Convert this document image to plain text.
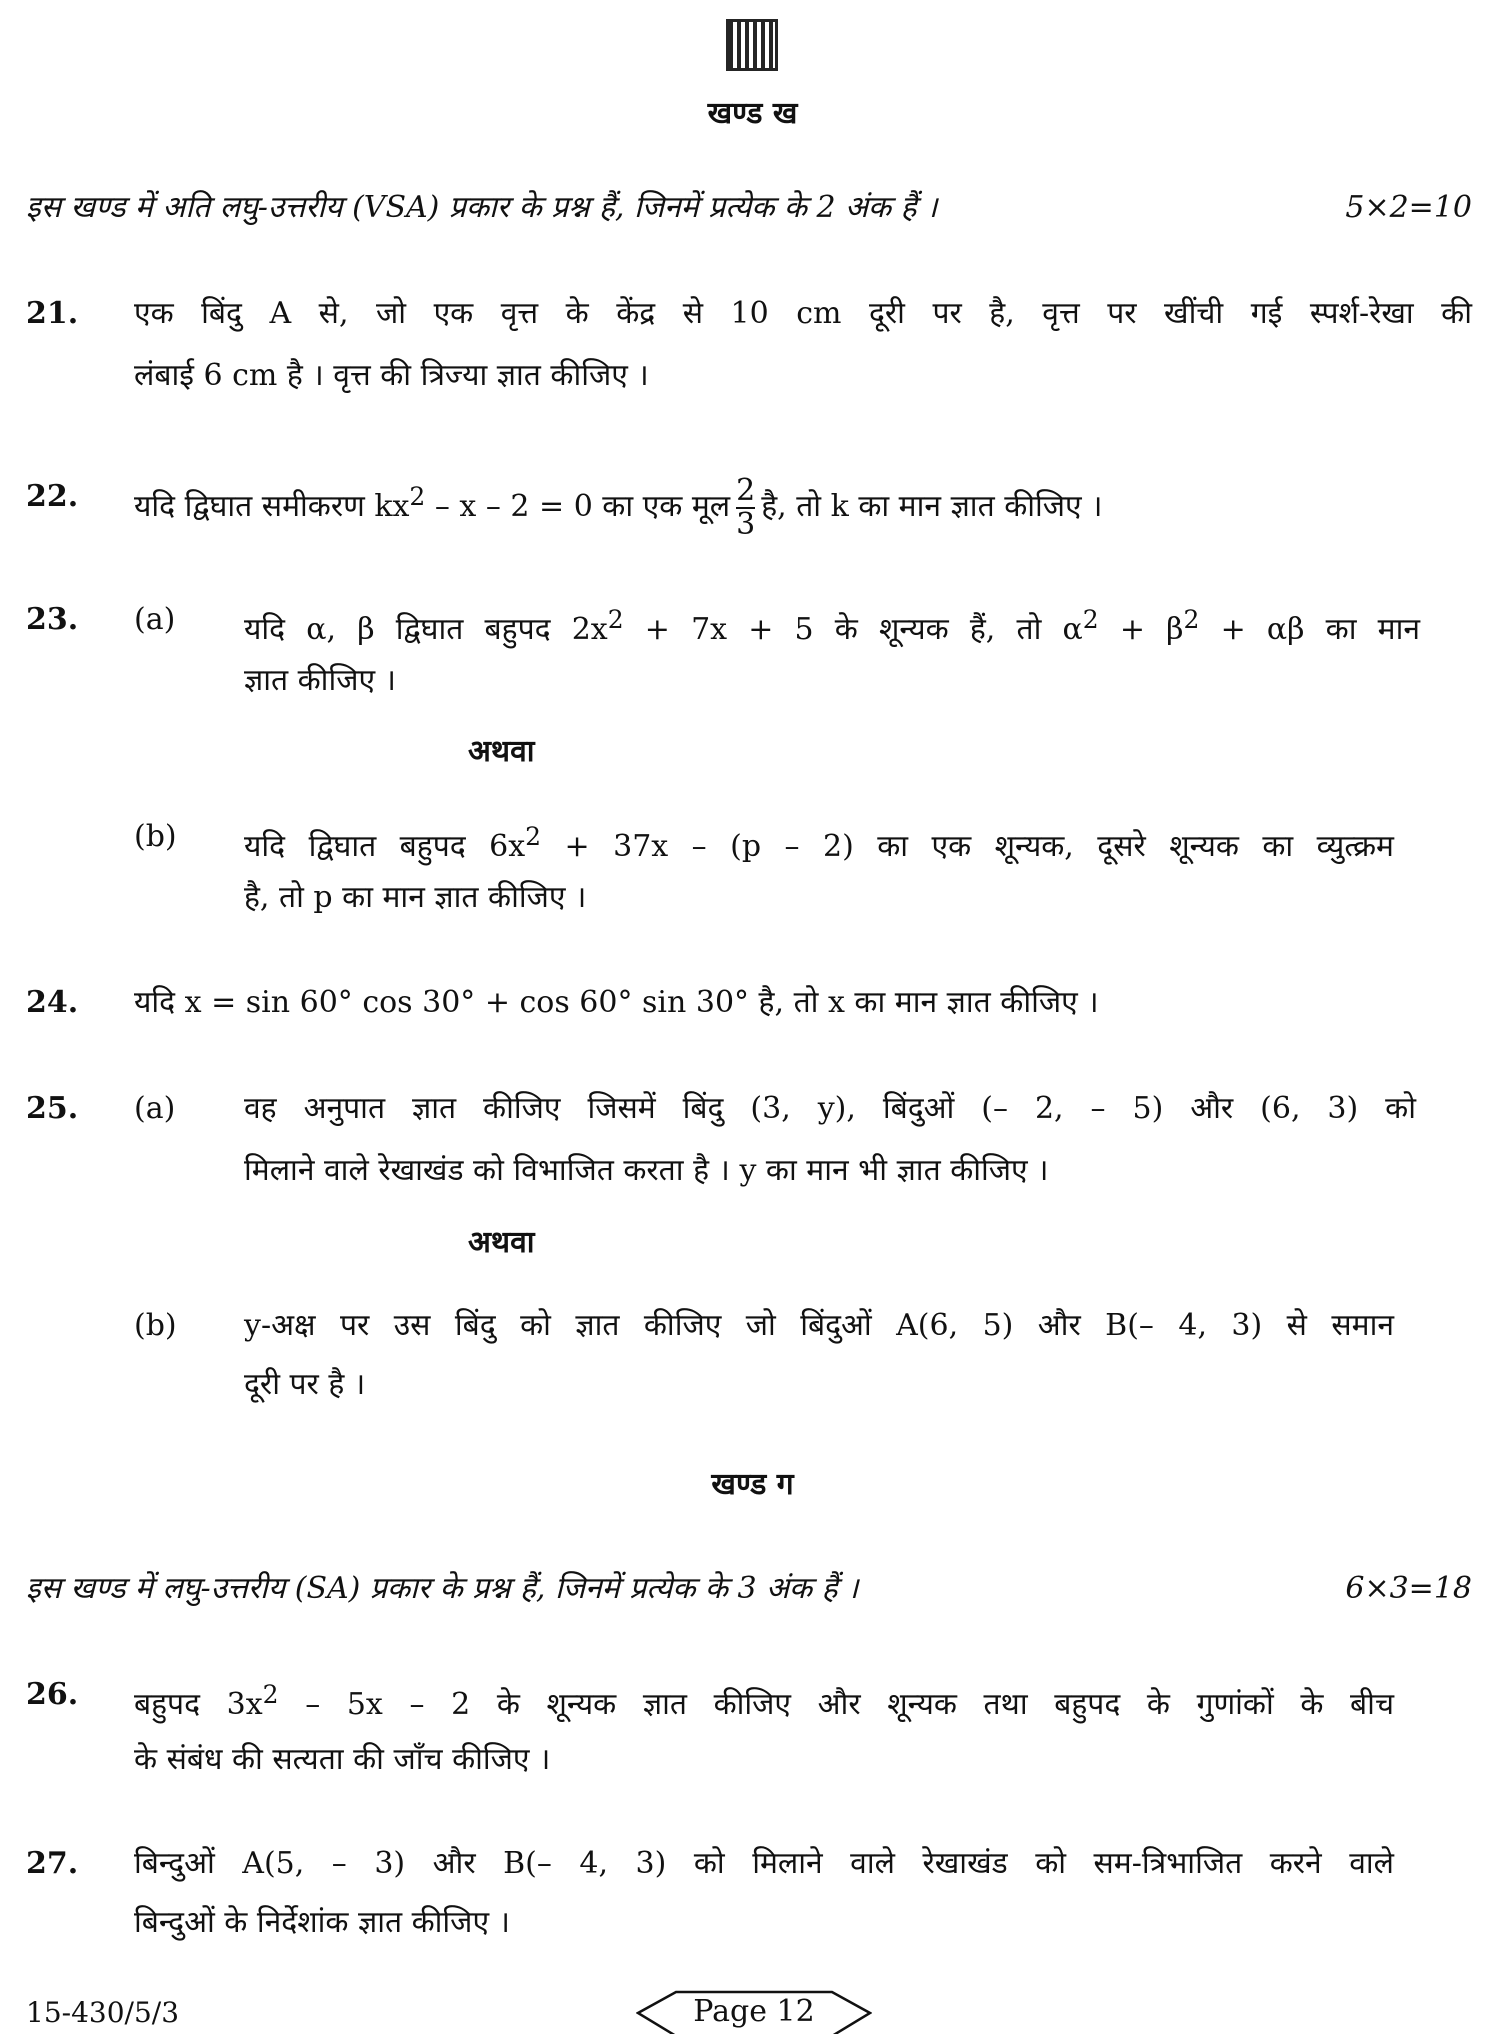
खण्ड ख
इस खण्ड में अति लघु-उत्तरीय (VSA) प्रकार के प्रश्न हैं, जिनमें प्रत्येक के 2 अंक हैं ।	5×2=10
21. एक बिंदु A से, जो एक वृत्त के केंद्र से 10 cm दूरी पर है, वृत्त पर खींची गई स्पर्श-रेखा की
लंबाई 6 cm है । वृत्त की त्रिज्या ज्ञात कीजिए ।
22. यदि द्विघात समीकरण $kx^2 - x - 2 = 0$ का एक मूल $\frac{2}{3}$ है, तो k का मान ज्ञात कीजिए ।
23. (a) यदि α, β द्विघात बहुपद $2x^2 + 7x + 5$ के शून्यक हैं, तो $\alpha^2 + \beta^2 + \alpha\beta$ का मान
ज्ञात कीजिए ।
अथवा
(b) यदि द्विघात बहुपद $6x^2 + 37x - (p - 2)$ का एक शून्यक, दूसरे शून्यक का व्युत्क्रम
है, तो p का मान ज्ञात कीजिए ।
24. यदि x = sin 60° cos 30° + cos 60° sin 30° है, तो x का मान ज्ञात कीजिए ।
25. (a) वह अनुपात ज्ञात कीजिए जिसमें बिंदु (3, y), बिंदुओं (– 2, – 5) और (6, 3) को
मिलाने वाले रेखाखंड को विभाजित करता है । y का मान भी ज्ञात कीजिए ।
अथवा
(b) y-अक्ष पर उस बिंदु को ज्ञात कीजिए जो बिंदुओं A(6, 5) और B(– 4, 3) से समान
दूरी पर है ।
खण्ड ग
इस खण्ड में लघु-उत्तरीय (SA) प्रकार के प्रश्न हैं, जिनमें प्रत्येक के 3 अंक हैं ।	6×3=18
26. बहुपद $3x^2 - 5x - 2$ के शून्यक ज्ञात कीजिए और शून्यक तथा बहुपद के गुणांकों के बीच
के संबंध की सत्यता की जाँच कीजिए ।
27. बिन्दुओं A(5, – 3) और B(– 4, 3) को मिलाने वाले रेखाखंड को सम-त्रिभाजित करने वाले
बिन्दुओं के निर्देशांक ज्ञात कीजिए ।
15-430/5/3	Page 12
